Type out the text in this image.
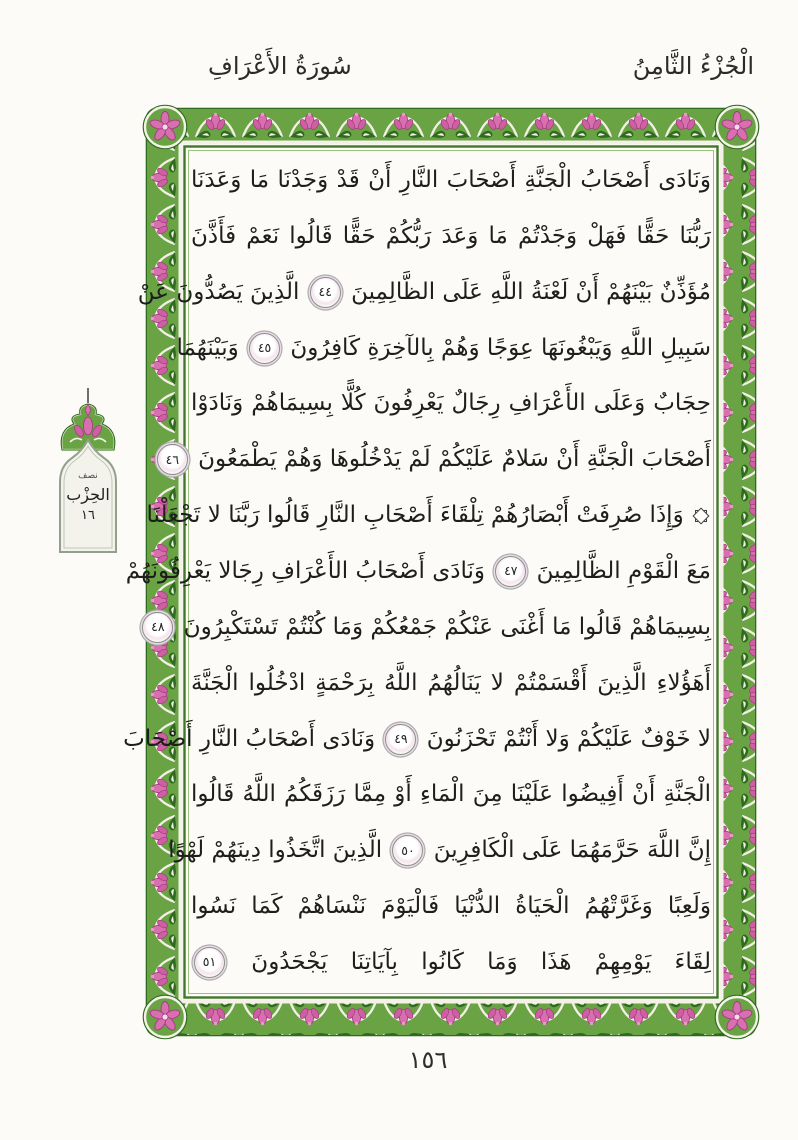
الْجُزْءُ الثَّامِنُ
سُورَةُ الأَعْرَافِ
وَنَادَى أَصْحَابُ الْجَنَّةِ أَصْحَابَ النَّارِ أَنْ قَدْ وَجَدْنَا مَا وَعَدَنَا
رَبُّنَا حَقًّا فَهَلْ وَجَدْتُمْ مَا وَعَدَ رَبُّكُمْ حَقًّا قَالُوا نَعَمْ فَأَذَّنَ
مُؤَذِّنٌ بَيْنَهُمْ أَنْ لَعْنَةُ اللَّهِ عَلَى الظَّالِمِينَ
٤٤
الَّذِينَ يَصُدُّونَ عَنْ
سَبِيلِ اللَّهِ وَيَبْغُونَهَا عِوَجًا وَهُمْ بِالآخِرَةِ كَافِرُونَ
٤٥
وَبَيْنَهُمَا
حِجَابٌ وَعَلَى الأَعْرَافِ رِجَالٌ يَعْرِفُونَ كُلًّا بِسِيمَاهُمْ وَنَادَوْا
أَصْحَابَ الْجَنَّةِ أَنْ سَلامٌ عَلَيْكُمْ لَمْ يَدْخُلُوهَا وَهُمْ يَطْمَعُونَ
٤٦
وَإِذَا صُرِفَتْ أَبْصَارُهُمْ تِلْقَاءَ أَصْحَابِ النَّارِ قَالُوا رَبَّنَا لا تَجْعَلْنَا
مَعَ الْقَوْمِ الظَّالِمِينَ
٤٧
وَنَادَى أَصْحَابُ الأَعْرَافِ رِجَالا يَعْرِفُونَهُمْ
بِسِيمَاهُمْ قَالُوا مَا أَغْنَى عَنْكُمْ جَمْعُكُمْ وَمَا كُنْتُمْ تَسْتَكْبِرُونَ
٤٨
أَهَؤُلاءِ الَّذِينَ أَقْسَمْتُمْ لا يَنَالُهُمُ اللَّهُ بِرَحْمَةٍ ادْخُلُوا الْجَنَّةَ
لا خَوْفٌ عَلَيْكُمْ وَلا أَنْتُمْ تَحْزَنُونَ
٤٩
وَنَادَى أَصْحَابُ النَّارِ أَصْحَابَ
الْجَنَّةِ أَنْ أَفِيضُوا عَلَيْنَا مِنَ الْمَاءِ أَوْ مِمَّا رَزَقَكُمُ اللَّهُ قَالُوا
إِنَّ اللَّهَ حَرَّمَهُمَا عَلَى الْكَافِرِينَ
٥٠
الَّذِينَ اتَّخَذُوا دِينَهُمْ لَهْوًا
وَلَعِبًا وَغَرَّتْهُمُ الْحَيَاةُ الدُّنْيَا فَالْيَوْمَ نَنْسَاهُمْ كَمَا نَسُوا
لِقَاءَ يَوْمِهِمْ هَذَا وَمَا كَانُوا بِآيَاتِنَا يَجْحَدُونَ
٥١
نصف
الحِزْب
١٦
١٥٦
